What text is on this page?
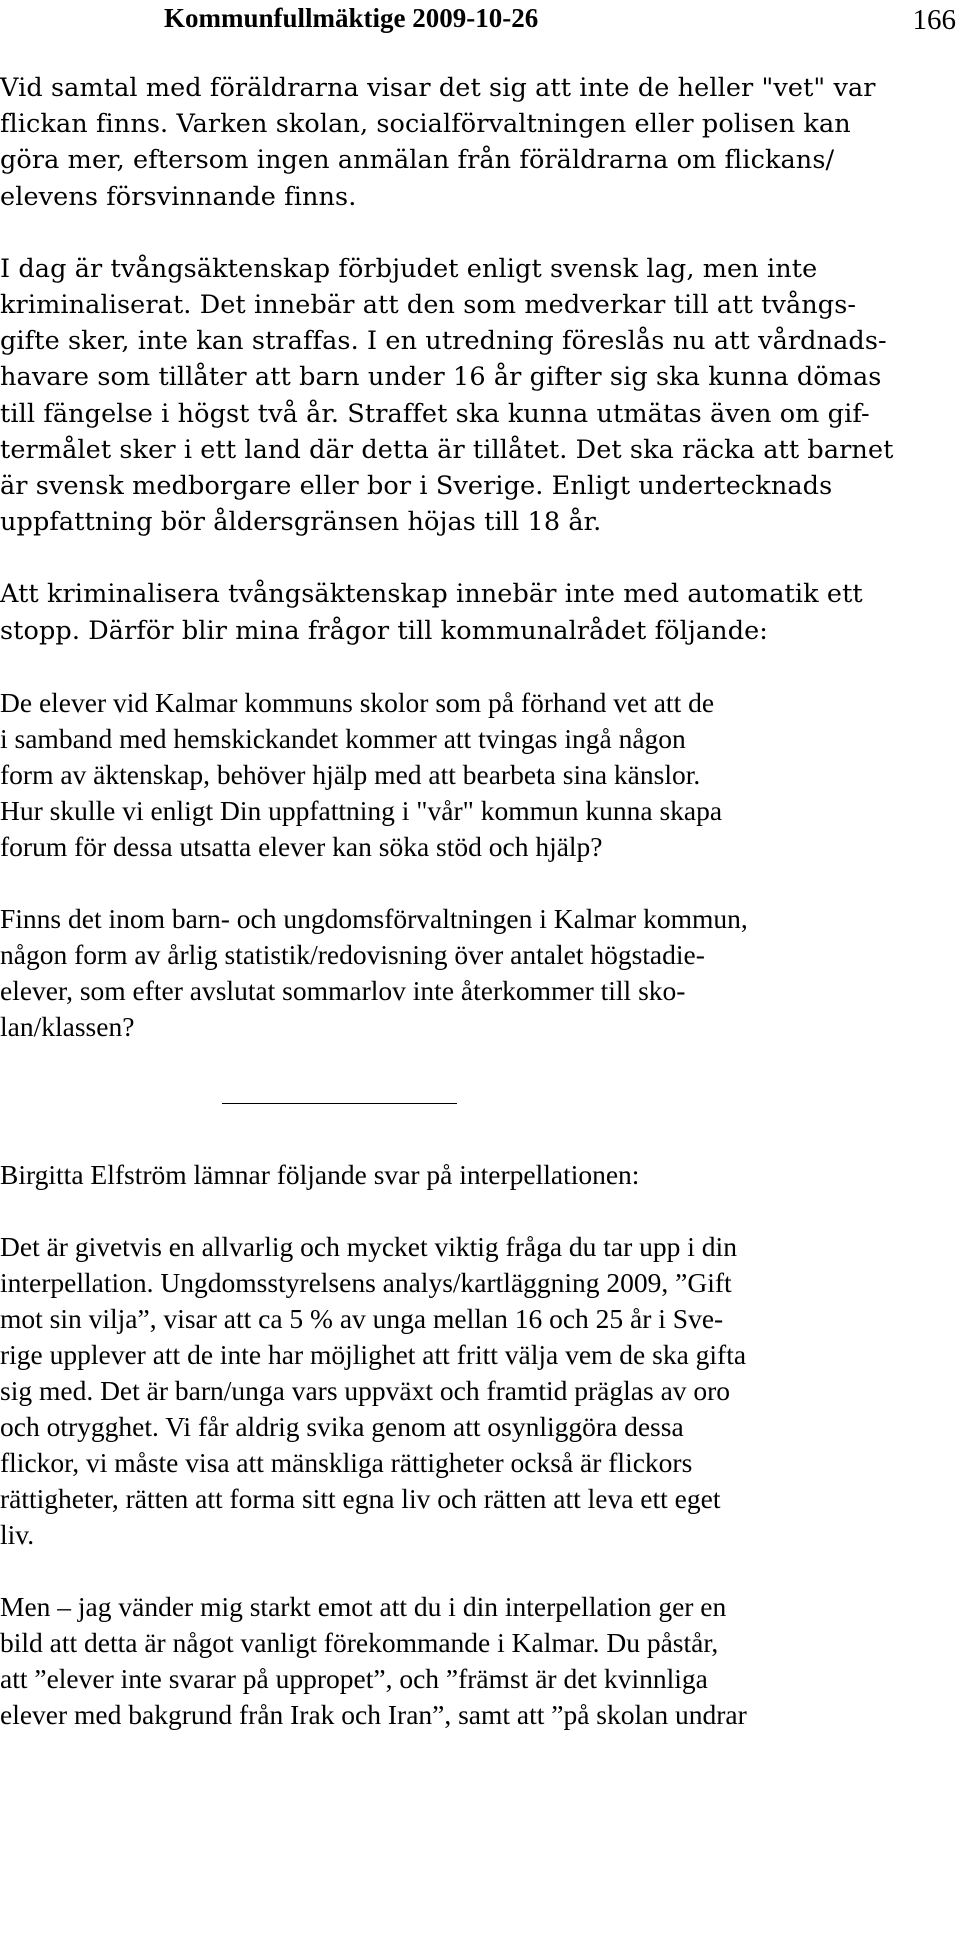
Kommunfullmäktige 2009-10-26	166
Vid samtal med föräldrarna visar det sig att inte de heller "vet" var
flickan finns. Varken skolan, socialförvaltningen eller polisen kan
göra mer, eftersom ingen anmälan från föräldrarna om flickans/
elevens försvinnande finns.
I dag är tvångsäktenskap förbjudet enligt svensk lag, men inte
kriminaliserat. Det innebär att den som medverkar till att tvångs-
gifte sker, inte kan straffas. I en utredning föreslås nu att vårdnads-
havare som tillåter att barn under 16 år gifter sig ska kunna dömas
till fängelse i högst två år. Straffet ska kunna utmätas även om gif-
termålet sker i ett land där detta är tillåtet. Det ska räcka att barnet
är svensk medborgare eller bor i Sverige. Enligt undertecknads
uppfattning bör åldersgränsen höjas till 18 år.
Att kriminalisera tvångsäktenskap innebär inte med automatik ett
stopp. Därför blir mina frågor till kommunalrådet följande:
De elever vid Kalmar kommuns skolor som på förhand vet att de
i samband med hemskickandet kommer att tvingas ingå någon
form av äktenskap, behöver hjälp med att bearbeta sina känslor.
Hur skulle vi enligt Din uppfattning i "vår" kommun kunna skapa
forum för dessa utsatta elever kan söka stöd och hjälp?
Finns det inom barn- och ungdomsförvaltningen i Kalmar kommun,
någon form av årlig statistik/redovisning över antalet högstadie-
elever, som efter avslutat sommarlov inte återkommer till sko-
lan/klassen?
Birgitta Elfström lämnar följande svar på interpellationen:
Det är givetvis en allvarlig och mycket viktig fråga du tar upp i din
interpellation. Ungdomsstyrelsens analys/kartläggning 2009, ”Gift
mot sin vilja”, visar att ca 5 % av unga mellan 16 och 25 år i Sve-
rige upplever att de inte har möjlighet att fritt välja vem de ska gifta
sig med. Det är barn/unga vars uppväxt och framtid präglas av oro
och otrygghet. Vi får aldrig svika genom att osynliggöra dessa
flickor, vi måste visa att mänskliga rättigheter också är flickors
rättigheter, rätten att forma sitt egna liv och rätten att leva ett eget
liv.
Men – jag vänder mig starkt emot att du i din interpellation ger en
bild att detta är något vanligt förekommande i Kalmar. Du påstår,
att ”elever inte svarar på uppropet”, och ”främst är det kvinnliga
elever med bakgrund från Irak och Iran”, samt att ”på skolan undrar
